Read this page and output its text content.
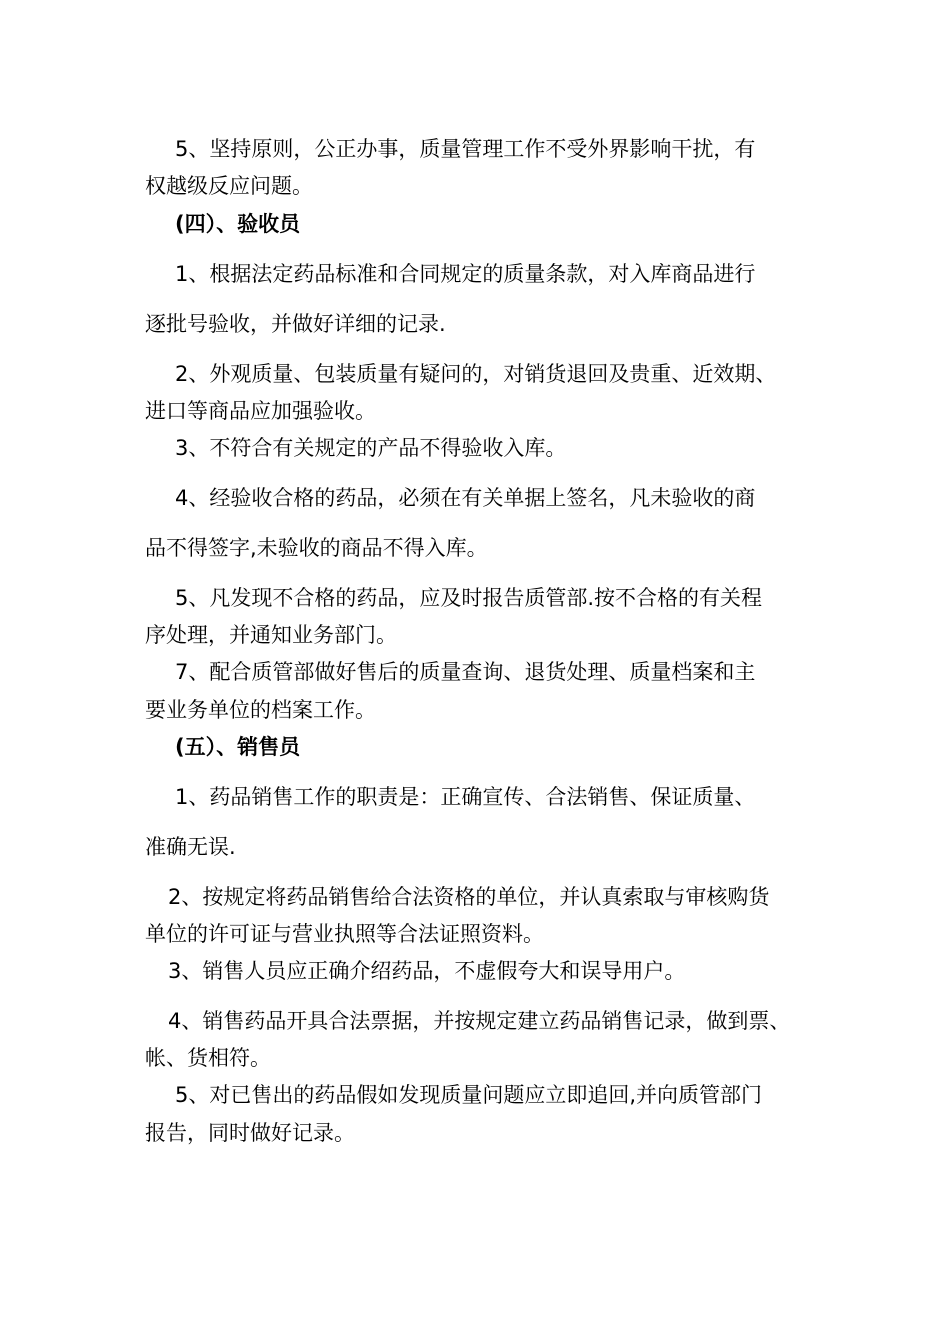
5、坚持原则，公正办事，质量管理工作不受外界影响干扰，有
权越级反应问题。
(四）、验收员
1、根据法定药品标准和合同规定的质量条款，对入库商品进行
逐批号验收，并做好详细的记录.
2、外观质量、包装质量有疑问的，对销货退回及贵重、近效期、
进口等商品应加强验收。
3、不符合有关规定的产品不得验收入库。
4、经验收合格的药品，必须在有关单据上签名，凡未验收的商
品不得签字,未验收的商品不得入库。
5、凡发现不合格的药品，应及时报告质管部.按不合格的有关程
序处理，并通知业务部门。
7、配合质管部做好售后的质量查询、退货处理、质量档案和主
要业务单位的档案工作。
(五）、销售员
1、药品销售工作的职责是：正确宣传、合法销售、保证质量、
准确无误.
2、按规定将药品销售给合法资格的单位，并认真索取与审核购货
单位的许可证与营业执照等合法证照资料。
3、销售人员应正确介绍药品，不虚假夸大和误导用户。
4、销售药品开具合法票据，并按规定建立药品销售记录，做到票、
帐、货相符。
5、对已售出的药品假如发现质量问题应立即追回,并向质管部门
报告，同时做好记录。
